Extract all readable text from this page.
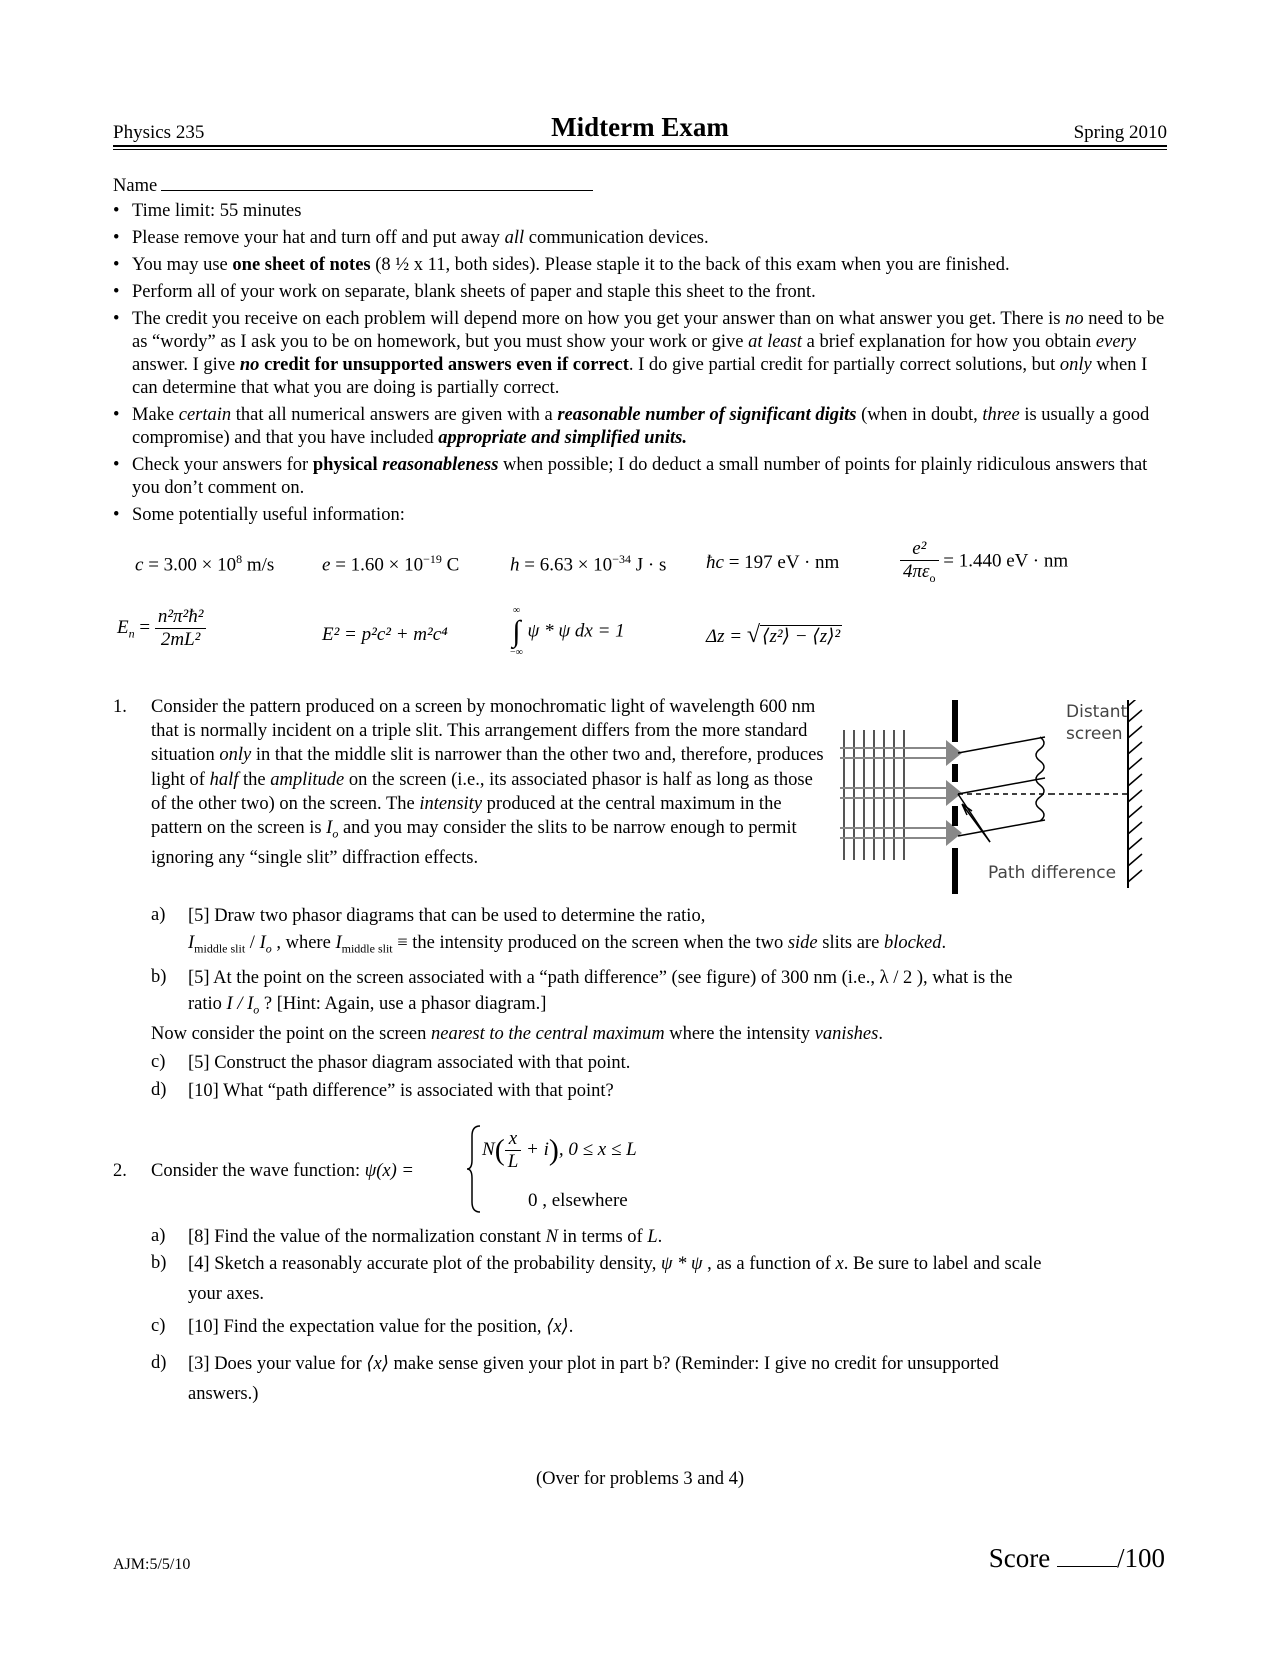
Physics 235	Midterm Exam	Spring 2010
Name
• Time limit: 55 minutes
• Please remove your hat and turn off and put away all communication devices.
• You may use one sheet of notes (8 ½ x 11, both sides). Please staple it to the back of this exam when you are finished.
• Perform all of your work on separate, blank sheets of paper and staple this sheet to the front.
• The credit you receive on each problem will depend more on how you get your answer than on what answer you get. There is no need to be as “wordy” as I ask you to be on homework, but you must show your work or give at least a brief explanation for how you obtain every answer. I give no credit for unsupported answers even if correct. I do give partial credit for partially correct solutions, but only when I can determine that what you are doing is partially correct.
• Make certain that all numerical answers are given with a reasonable number of significant digits (when in doubt, three is usually a good compromise) and that you have included appropriate and simplified units.
• Check your answers for physical reasonableness when possible; I do deduct a small number of points for plainly ridiculous answers that you don’t comment on.
• Some potentially useful information:
$c = 3.00 \times 10^8$ m/s	$e = 1.60 \times 10^{-19}$ C	$h = 6.63 \times 10^{-34}$ J · s ħc = 197 eV · nm	$\frac{\text{e²}}{4\pi\varepsilon_o} = 1.440$ eV · nm
$E_n = \frac{\text{n²π²ħ²}}{\text{2mL²}}$	E² = p²c² + m²c⁴
∞
∫
−∞
ψ * ψ dx = 1	Δz = √ ⟨z²⟩ − ⟨z⟩²
1. Consider the pattern produced on a screen by monochromatic light of wavelength 600 nm that is normally incident on a triple slit. This arrangement differs from the more standard situation only in that the middle slit is narrower than the other two and, therefore, produces light of half the amplitude on the screen (i.e., its associated phasor is half as long as those of the other two) on the screen. The intensity produced at the central maximum in the pattern on the screen is $I_o$ and you may consider the slits to be narrow enough to permit ignoring any “single slit” diffraction effects.
Distant
screen
Path difference
a) [5] Draw two phasor diagrams that can be used to determine the ratio,
$I_{middle slit} / I_o$ , where $I_{middle slit}$ ≡ the intensity produced on the screen when the two side slits are blocked.
b) [5] At the point on the screen associated with a “path difference” (see figure) of 300 nm (i.e., λ / 2 ), what is the
ratio I / $I_o$ ? [Hint: Again, use a phasor diagram.]
Now consider the point on the screen nearest to the central maximum where the intensity vanishes.
c) [5] Construct the phasor diagram associated with that point.
d) [10] What “path difference” is associated with that point?
2. Consider the wave function: ψ(x) =
$N( \frac{x}{L} + i)$, 0 ≤ x ≤ L
0 , elsewhere
a) [8] Find the value of the normalization constant N in terms of L.
b) [4] Sketch a reasonably accurate plot of the probability density, ψ * ψ , as a function of x. Be sure to label and scale
your axes.
c) [10] Find the expectation value for the position, ⟨x⟩.
d) [3] Does your value for ⟨x⟩ make sense given your plot in part b? (Reminder: I give no credit for unsupported
answers.)
(Over for problems 3 and 4)
AJM:5/5/10	Score /100
